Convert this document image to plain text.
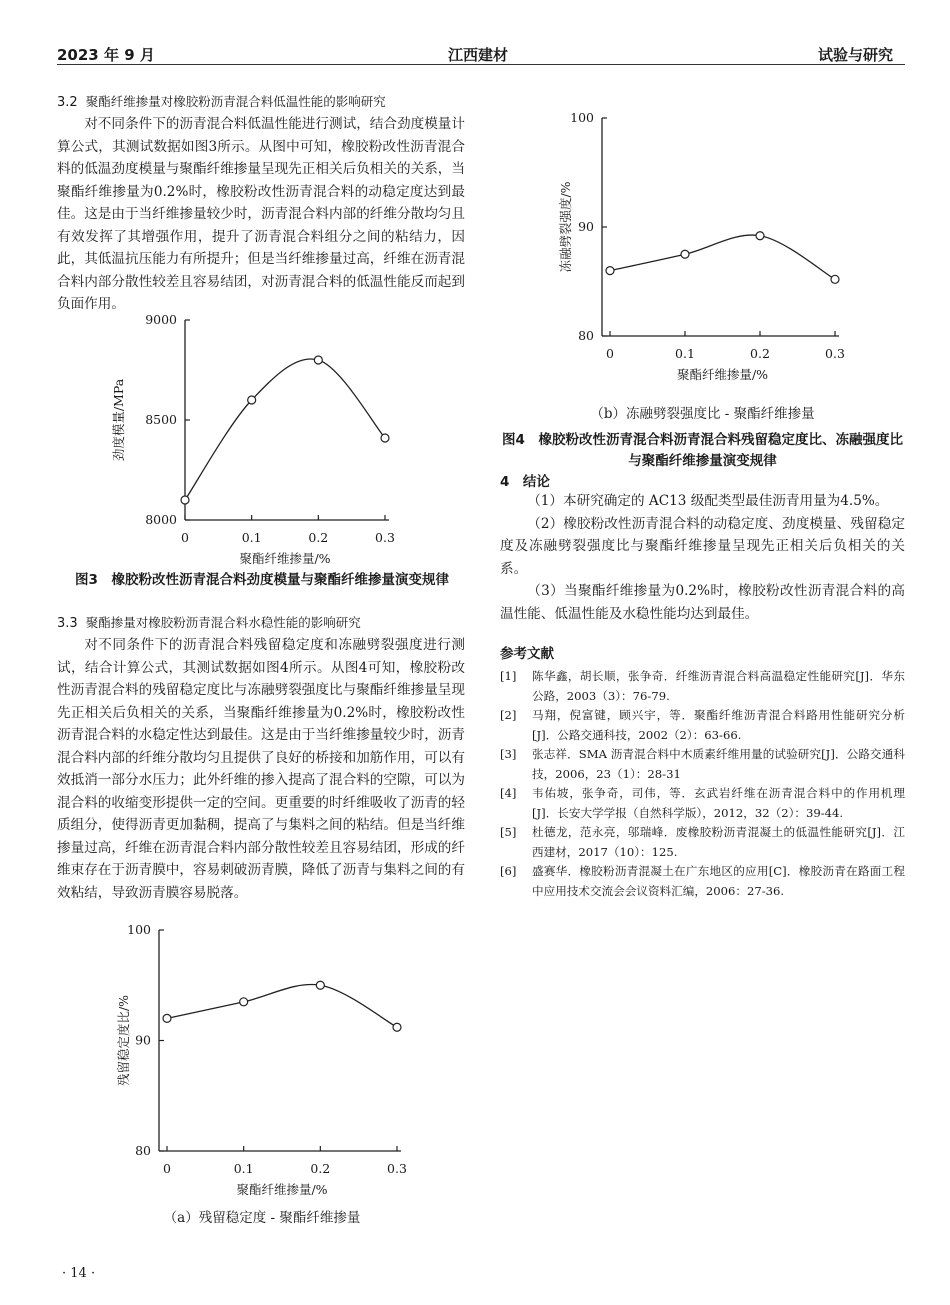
2023 年 9 月	江西建材	试验与研究
3.2 聚酯纤维掺量对橡胶粉沥青混合料低温性能的影响研究
对不同条件下的沥青混合料低温性能进行测试，结合劲度模量计算公式，其测试数据如图3所示。从图中可知，橡胶粉改性沥青混合料的低温劲度模量与聚酯纤维掺量呈现先正相关后负相关的关系，当聚酯纤维掺量为0.2%时，橡胶粉改性沥青混合料的动稳定度达到最佳。这是由于当纤维掺量较少时，沥青混合料内部的纤维分散均匀且有效发挥了其增强作用，提升了沥青混合料组分之间的粘结力，因此，其低温抗压能力有所提升；但是当纤维掺量过高，纤维在沥青混合料内部分散性较差且容易结团，对沥青混合料的低温性能反而起到负面作用。
8000
8500
9000
0	0.1	0.2	0.3
聚酯纤维掺量/%
劲度模量/MPa
图3　橡胶粉改性沥青混合料劲度模量与聚酯纤维掺量演变规律
3.3 聚酯掺量对橡胶粉沥青混合料水稳性能的影响研究
对不同条件下的沥青混合料残留稳定度和冻融劈裂强度进行测试，结合计算公式，其测试数据如图4所示。从图4可知，橡胶粉改性沥青混合料的残留稳定度比与冻融劈裂强度比与聚酯纤维掺量呈现先正相关后负相关的关系，当聚酯纤维掺量为0.2%时，橡胶粉改性沥青混合料的水稳定性达到最佳。这是由于当纤维掺量较少时，沥青混合料内部的纤维分散均匀且提供了良好的桥接和加筋作用，可以有效抵消一部分水压力；此外纤维的掺入提高了混合料的空隙，可以为混合料的收缩变形提供一定的空间。更重要的时纤维吸收了沥青的轻质组分，使得沥青更加黏稠，提高了与集料之间的粘结。但是当纤维掺量过高，纤维在沥青混合料内部分散性较差且容易结团，形成的纤维束存在于沥青膜中，容易刺破沥青膜，降低了沥青与集料之间的有效粘结，导致沥青膜容易脱落。
80
90
100
0	0.1	0.2	0.3
聚酯纤维掺量/%
残留稳定度比/%
（a）残留稳定度 - 聚酯纤维掺量
80
90
100
0	0.1	0.2	0.3
聚酯纤维掺量/%
冻融劈裂强度/%
（b）冻融劈裂强度比 - 聚酯纤维掺量
图4　橡胶粉改性沥青混合料沥青混合料残留稳定度比、冻融强度比与聚酯纤维掺量演变规律
4　结论
（1）本研究确定的 AC13 级配类型最佳沥青用量为4.5%。
（2）橡胶粉改性沥青混合料的动稳定度、劲度模量、残留稳定度及冻融劈裂强度比与聚酯纤维掺量呈现先正相关后负相关的关系。
（3）当聚酯纤维掺量为0.2%时，橡胶粉改性沥青混合料的高温性能、低温性能及水稳性能均达到最佳。
参考文献
[1]	陈华鑫，胡长顺，张争奇．纤维沥青混合料高温稳定性能研究[J]．华东公路，2003（3）：76-79.
[2]	马翔，倪富键，顾兴宇，等．聚酯纤维沥青混合料路用性能研究分析[J]．公路交通科技，2002（2）：63-66.
[3]	张志祥．SMA 沥青混合料中木质素纤维用量的试验研究[J]．公路交通科技，2006，23（1）：28-31
[4]	韦佑坡，张争奇，司伟，等．玄武岩纤维在沥青混合料中的作用机理[J]．长安大学学报（自然科学版），2012，32（2）：39-44.
[5]	杜德龙，范永亮，邬瑞峰．废橡胶粉沥青混凝土的低温性能研究[J]．江西建材，2017（10）：125.
[6]	盛赛华．橡胶粉沥青混凝土在广东地区的应用[C]．橡胶沥青在路面工程中应用技术交流会会议资料汇编，2006：27-36.
· 14 ·
